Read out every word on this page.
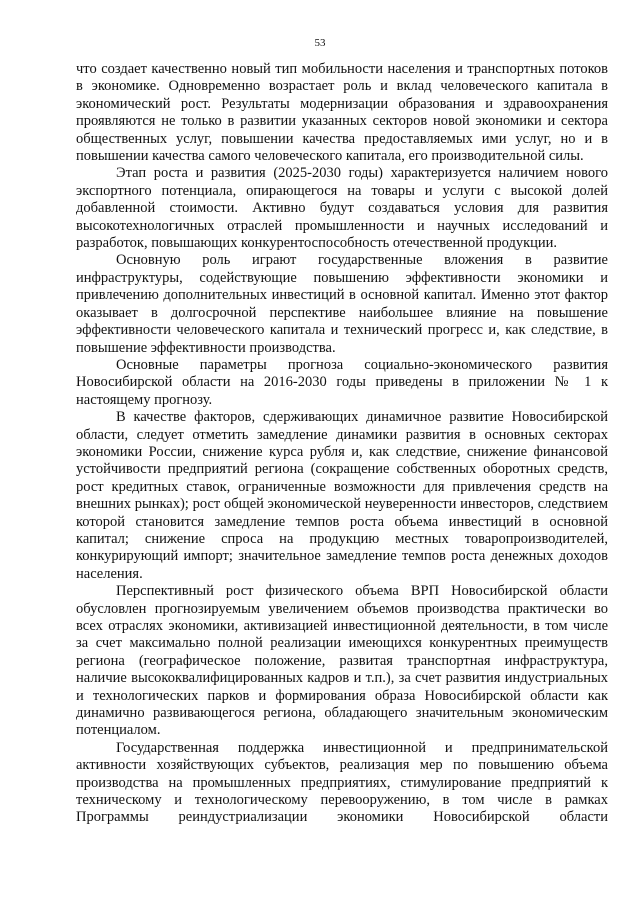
53

что создает качественно новый тип мобильности населения и транспортных потоков в экономике. Одновременно возрастает роль и вклад человеческого капитала в экономический рост. Результаты модернизации образования и здравоохранения проявляются не только в развитии указанных секторов новой экономики и сектора общественных услуг, повышении качества предоставляемых ими услуг, но и в повышении качества самого человеческого капитала, его производительной силы.

Этап роста и развития (2025-2030 годы) характеризуется наличием нового экспортного потенциала, опирающегося на товары и услуги с высокой долей добавленной стоимости. Активно будут создаваться условия для развития высокотехнологичных отраслей промышленности и научных исследований и разработок, повышающих конкурентоспособность отечественной продукции.

Основную роль играют государственные вложения в развитие инфраструктуры, содействующие повышению эффективности экономики и привлечению дополнительных инвестиций в основной капитал. Именно этот фактор оказывает в долгосрочной перспективе наибольшее влияние на повышение эффективности человеческого капитала и технический прогресс и, как следствие, в повышение эффективности производства.

Основные параметры прогноза социально-экономического развития Новосибирской области на 2016-2030 годы приведены в приложении № 1 к настоящему прогнозу.

В качестве факторов, сдерживающих динамичное развитие Новосибирской области, следует отметить замедление динамики развития в основных секторах экономики России, снижение курса рубля и, как следствие, снижение финансовой устойчивости предприятий региона (сокращение собственных оборотных средств, рост кредитных ставок, ограниченные возможности для привлечения средств на внешних рынках); рост общей экономической неуверенности инвесторов, следствием которой становится замедление темпов роста объема инвестиций в основной капитал; снижение спроса на продукцию местных товаропроизводителей, конкурирующий импорт; значительное замедление темпов роста денежных доходов населения.

Перспективный рост физического объема ВРП Новосибирской области обусловлен прогнозируемым увеличением объемов производства практически во всех отраслях экономики, активизацией инвестиционной деятельности, в том числе за счет максимально полной реализации имеющихся конкурентных преимуществ региона (географическое положение, развитая транспортная инфраструктура, наличие высококвалифицированных кадров и т.п.), за счет развития индустриальных и технологических парков и формирования образа Новосибирской области как динамично развивающегося региона, обладающего значительным экономическим потенциалом.

Государственная поддержка инвестиционной и предпринимательской активности хозяйствующих субъектов, реализация мер по повышению объема производства на промышленных предприятиях, стимулирование предприятий к техническому и технологическому перевооружению, в том числе в рамках Программы реиндустриализации экономики Новосибирской области
